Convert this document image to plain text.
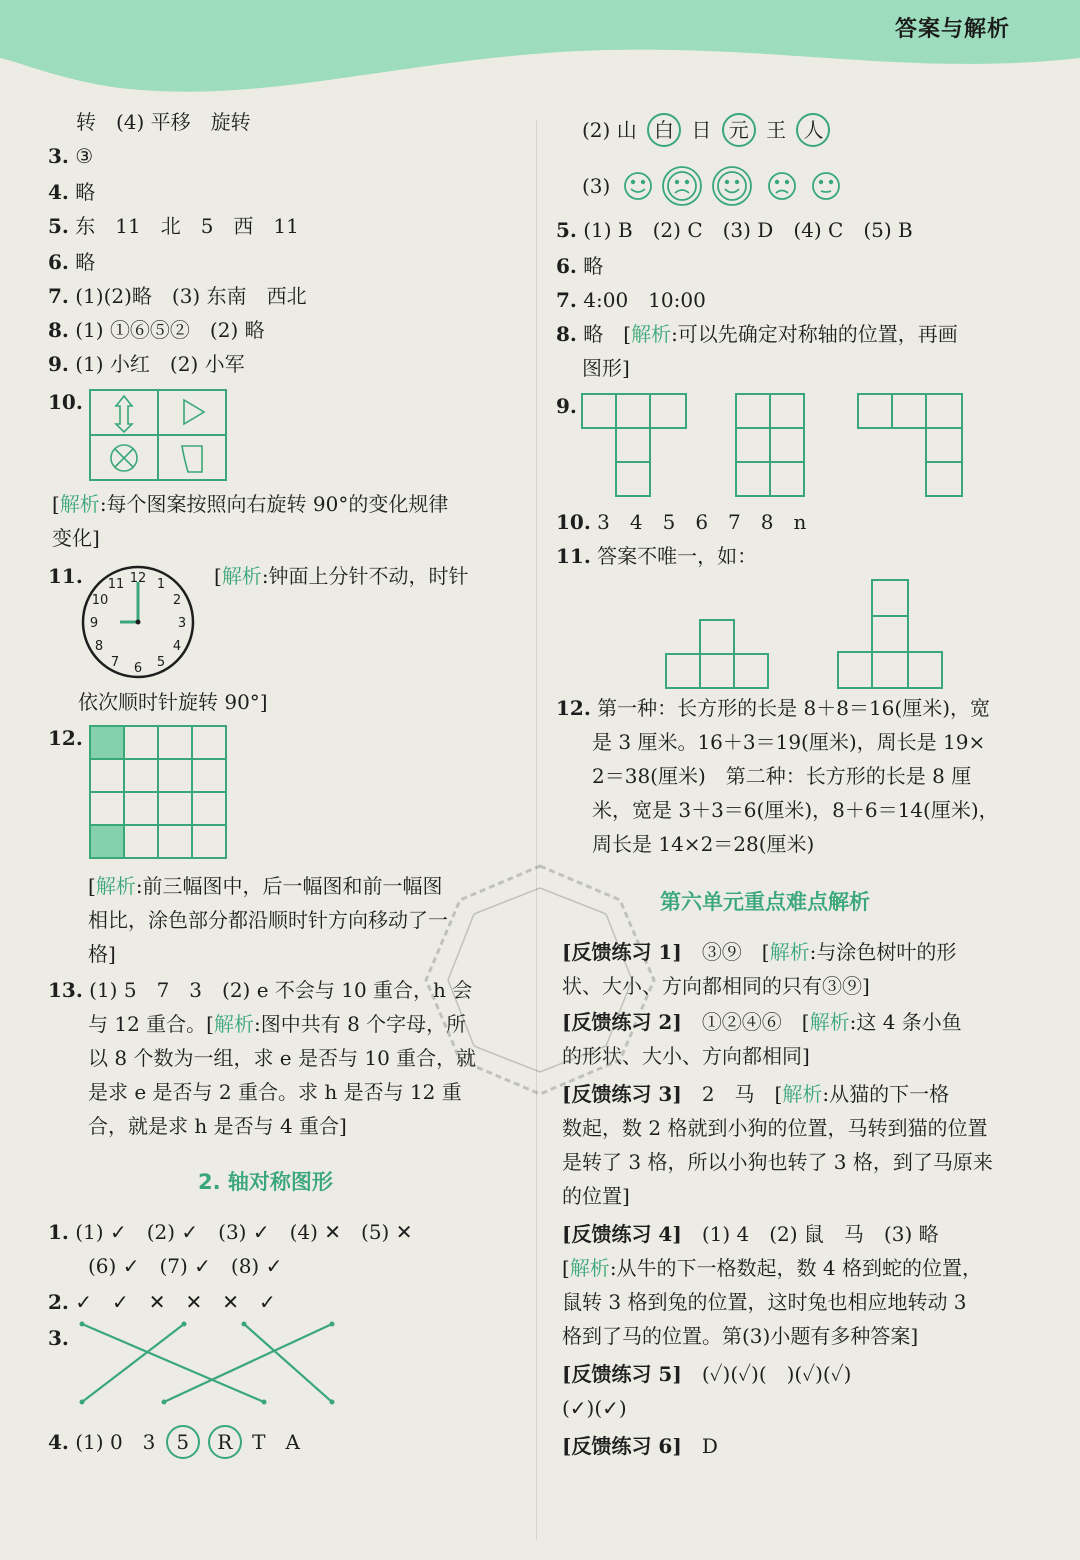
答案与解析
转　(4) 平移　旋转
3. ③
4. 略
5. 东　11　北　5　西　11
6. 略
7. (1)(2)略　(3) 东南　西北
8. (1) ①⑥⑤②　(2) 略
9. (1) 小红　(2) 小军
10.
[解析:每个图案按照向右旋转 90°的变化规律
变化]
11.	12 1
2
3
4
5
6
7
8
9
10
11	[解析:钟面上分针不动，时针
依次顺时针旋转 90°]
12.
[解析:前三幅图中，后一幅图和前一幅图
相比，涂色部分都沿顺时针方向移动了一
格]
13. (1) 5　7　3　(2) e 不会与 10 重合，h 会
与 12 重合。[解析:图中共有 8 个字母，所
以 8 个数为一组，求 e 是否与 10 重合，就
是求 e 是否与 2 重合。求 h 是否与 12 重
合，就是求 h 是否与 4 重合]
2. 轴对称图形
1. (1) ✓　(2) ✓　(3) ✓　(4) ✕　(5) ✕
(6) ✓　(7) ✓　(8) ✓
2. ✓　✓　✕　✕　✕　✓
3.
4. (1) 0　3 5 R T　A
(2) 山 白 日 元 王 人
(3)
5. (1) B　(2) C　(3) D　(4) C　(5) B
6. 略
7. 4:00　10:00
8. 略　[解析:可以先确定对称轴的位置，再画
图形]
9.
10. 3　4　5　6　7　8　n
11. 答案不唯一，如：
12. 第一种：长方形的长是 8＋8＝16(厘米)，宽
是 3 厘米。16＋3＝19(厘米)，周长是 19×
2＝38(厘米)　第二种：长方形的长是 8 厘
米，宽是 3＋3＝6(厘米)，8＋6＝14(厘米)，
周长是 14×2＝28(厘米)
第六单元重点难点解析
[反馈练习 1]　 ③⑨　[解析:与涂色树叶的形
状、大小、方向都相同的只有③⑨]
[反馈练习 2]　 ①②④⑥　[解析:这 4 条小鱼
的形状、大小、方向都相同]
[反馈练习 3]　 2　马　[解析:从猫的下一格
数起，数 2 格就到小狗的位置，马转到猫的位置
是转了 3 格，所以小狗也转了 3 格，到了马原来
的位置]
[反馈练习 4]　 (1) 4　(2) 鼠　马　(3) 略
[解析:从牛的下一格数起，数 4 格到蛇的位置，
鼠转 3 格到兔的位置，这时兔也相应地转动 3
格到了马的位置。第(3)小题有多种答案]
[反馈练习 5]　 (✓)(✓)(　)(✓)(✓)
(✓)(✓)
[反馈练习 6]　 D
